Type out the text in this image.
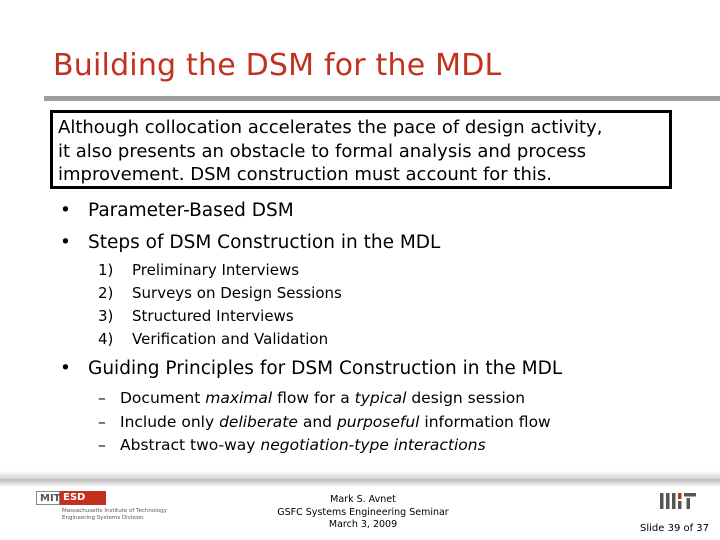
Building the DSM for the MDL
Although collocation accelerates the pace of design activity,
it also presents an obstacle to formal analysis and process
improvement. DSM construction must account for this.
• Parameter-Based DSM
• Steps of DSM Construction in the MDL
1) Preliminary Interviews
2) Surveys on Design Sessions
3) Structured Interviews
4) Verification and Validation
• Guiding Principles for DSM Construction in the MDL
– Document maximal flow for a typical design session
– Include only deliberate and purposeful information flow
– Abstract two-way negotiation-type interactions
MIT ESD
Massachusetts Institute of Technology
Engineering Systems Division
Mark S. Avnet
GSFC Systems Engineering Seminar
March 3, 2009	Slide 39 of 37
